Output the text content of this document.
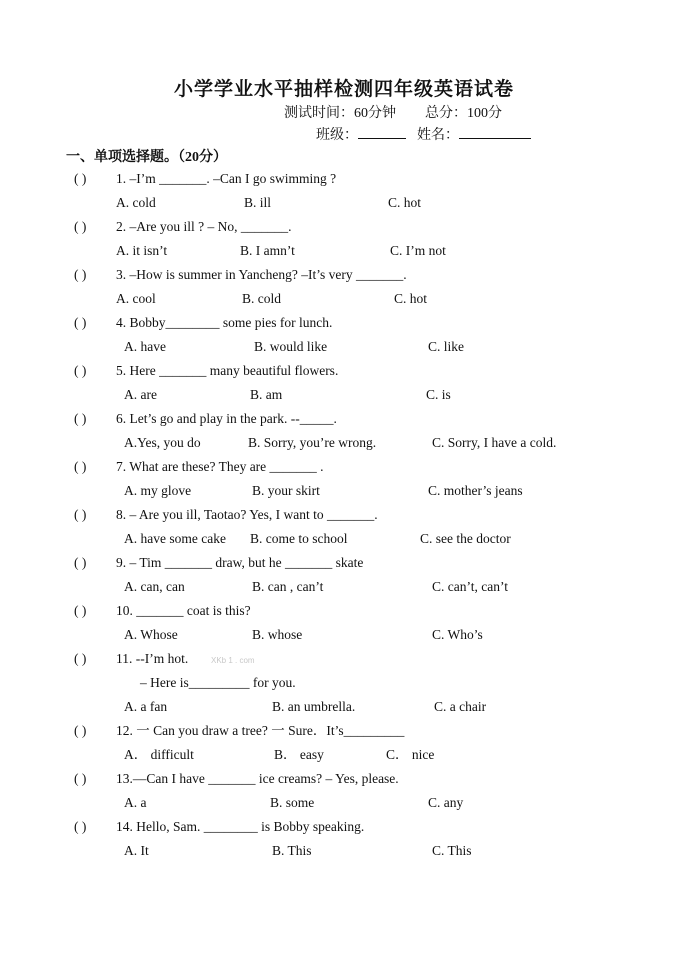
小学学业水平抽样检测四年级英语试卷
测试时间：60分钟 总分：100分
班级：	姓名：
一、单项选择题。（20分）
( ) 1. –I’m _______. –Can I go swimming ?
A. cold	B. ill	C. hot
( ) 2. –Are you ill ? – No, _______.
A. it isn’t	B. I amn’t	C. I’m not
( ) 3. –How is summer in Yancheng? –It’s very _______.
A. cool	B. cold	C. hot
( ) 4. Bobby________ some pies for lunch.
A. have	B. would like	C. like
( ) 5. Here _______ many beautiful flowers.
A. are	B. am	C. is
( ) 6. Let’s go and play in the park. --_____.
A.Yes, you do	B. Sorry, you’re wrong.	C. Sorry, I have a cold.
( ) 7. What are these? They are _______ .
A. my glove	B. your skirt	C. mother’s jeans
( ) 8. – Are you ill, Taotao? Yes, I want to _______.
A. have some cake B. come to school	C. see the doctor
( ) 9. – Tim _______ draw, but he _______ skate
A. can, can	B. can , can’t	C. can’t, can’t
( ) 10. _______ coat is this?
A. Whose	B. whose	C. Who’s
( ) 11. --I’m hot.	XKb 1 . com
– Here is_________ for you.
A. a fan	B. an umbrella.	C. a chair
( ) 12. 一 Can you draw a tree? 一 Sure．It’s_________
A． difficult	B． easy	C． nice
( ) 13.—Can I have _______ ice creams? – Yes, please.
A. a	B. some	C. any
( ) 14. Hello, Sam. ________ is Bobby speaking.
A. It	B. This	C. This
